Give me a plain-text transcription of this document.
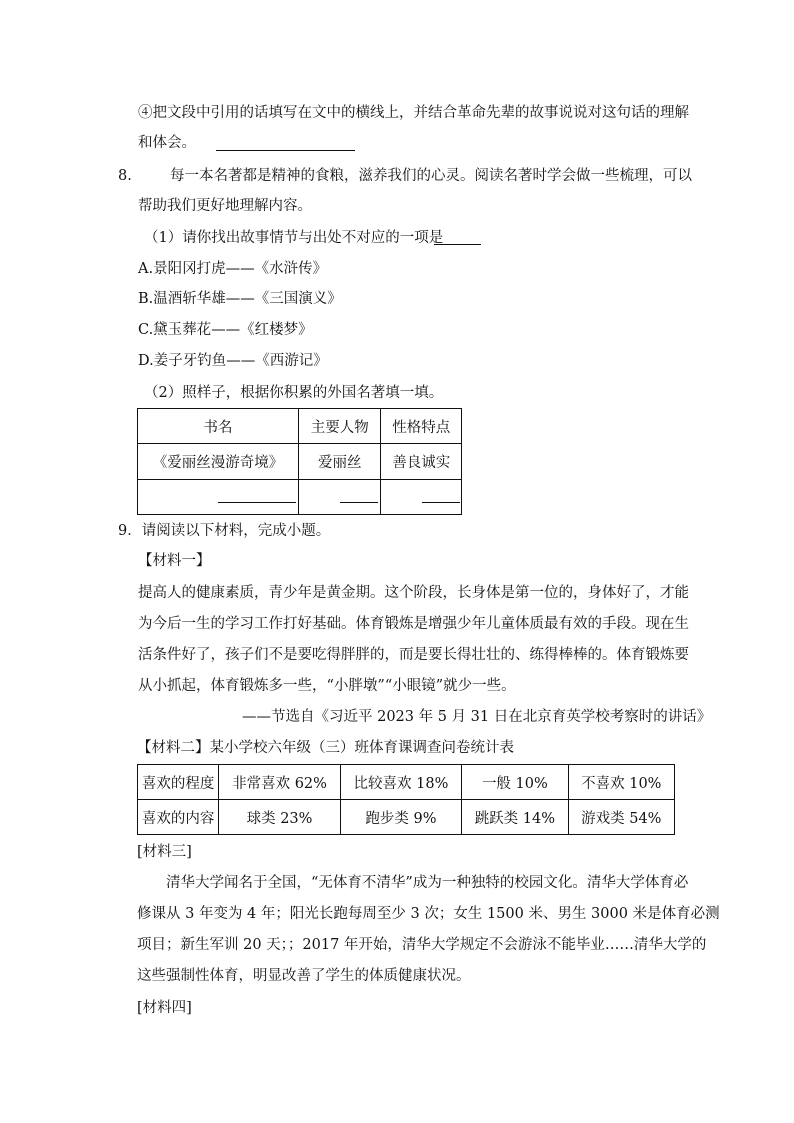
④把文段中引用的话填写在文中的横线上，并结合革命先辈的故事说说对这句话的理解
和体会。
8.	每一本名著都是精神的食粮，滋养我们的心灵。阅读名著时学会做一些梳理，可以
帮助我们更好地理解内容。
（1）请你找出故事情节与出处不对应的一项是
A.景阳冈打虎——《水浒传》
B.温酒斩华雄——《三国演义》
C.黛玉葬花——《红楼梦》
D.姜子牙钓鱼——《西游记》
（2）照样子，根据你积累的外国名著填一填。
书名	主要人物	性格特点
《爱丽丝漫游奇境》	爱丽丝	善良诚实

9．请阅读以下材料，完成小题。
【材料一】
提高人的健康素质，青少年是黄金期。这个阶段，长身体是第一位的，身体好了，才能
为今后一生的学习工作打好基础。体育锻炼是增强少年儿童体质最有效的手段。现在生
活条件好了，孩子们不是要吃得胖胖的，而是要长得壮壮的、练得棒棒的。体育锻炼要
从小抓起，体育锻炼多一些，“小胖墩”“小眼镜”就少一些。
——节选自《习近平 2023 年 5 月 31 日在北京育英学校考察时的讲话》
【材料二】某小学校六年级（三）班体育课调查问卷统计表
喜欢的程度	非常喜欢 62%	比较喜欢 18%	一般 10%	不喜欢 10%
喜欢的内容	球类 23%	跑步类 9%	跳跃类 14%	游戏类 54%
[材料三]
清华大学闻名于全国，“无体育不清华”成为一种独特的校园文化。清华大学体育必
修课从 3 年变为 4 年；阳光长跑每周至少 3 次；女生 1500 米、男生 3000 米是体育必测
项目；新生军训 20 天；；2017 年开始，清华大学规定不会游泳不能毕业……清华大学的
这些强制性体育，明显改善了学生的体质健康状况。
[材料四]
